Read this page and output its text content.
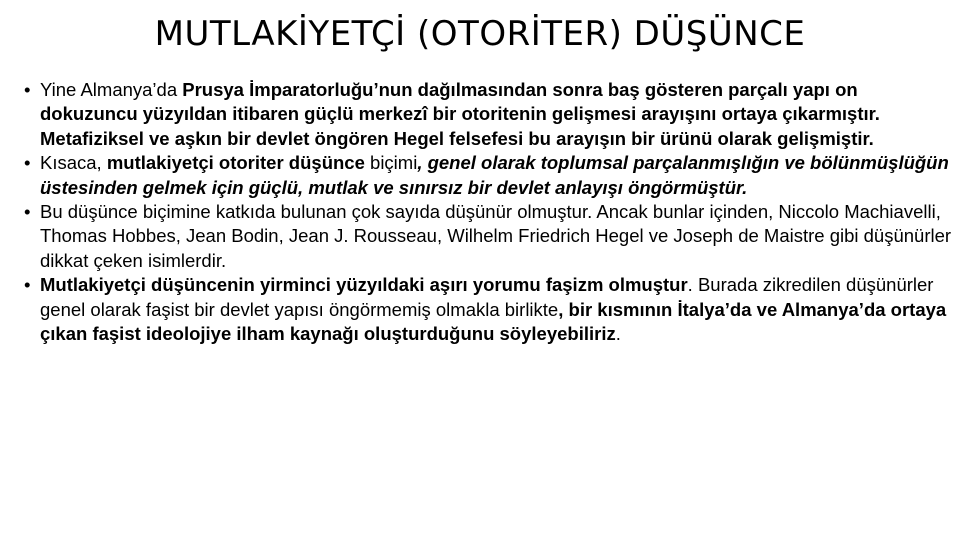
MUTLAKİYETÇİ (OTORİTER) DÜŞÜNCE
• Yine Almanya’da Prusya İmparatorluğu’nun dağılmasından sonra baş gösteren parçalı yapı on dokuzuncu yüzyıldan itibaren güçlü merkezî bir otoritenin gelişmesi arayışını ortaya çıkarmıştır. Metafiziksel ve aşkın bir devlet öngören Hegel felsefesi bu arayışın bir ürünü olarak gelişmiştir.
• Kısaca, mutlakiyetçi otoriter düşünce biçimi, genel olarak toplumsal parçalanmışlığın ve bölünmüşlüğün üstesinden gelmek için güçlü, mutlak ve sınırsız bir devlet anlayışı öngörmüştür.
• Bu düşünce biçimine katkıda bulunan çok sayıda düşünür olmuştur. Ancak bunlar içinden, Niccolo Machiavelli, Thomas Hobbes, Jean Bodin, Jean J. Rousseau, Wilhelm Friedrich Hegel ve Joseph de Maistre gibi düşünürler dikkat çeken isimlerdir.
• Mutlakiyetçi düşüncenin yirminci yüzyıldaki aşırı yorumu faşizm olmuştur. Burada zikredilen düşünürler genel olarak faşist bir devlet yapısı öngörmemiş olmakla birlikte, bir kısmının İtalya’da ve Almanya’da ortaya çıkan faşist ideolojiye ilham kaynağı oluşturduğunu söyleyebiliriz.
